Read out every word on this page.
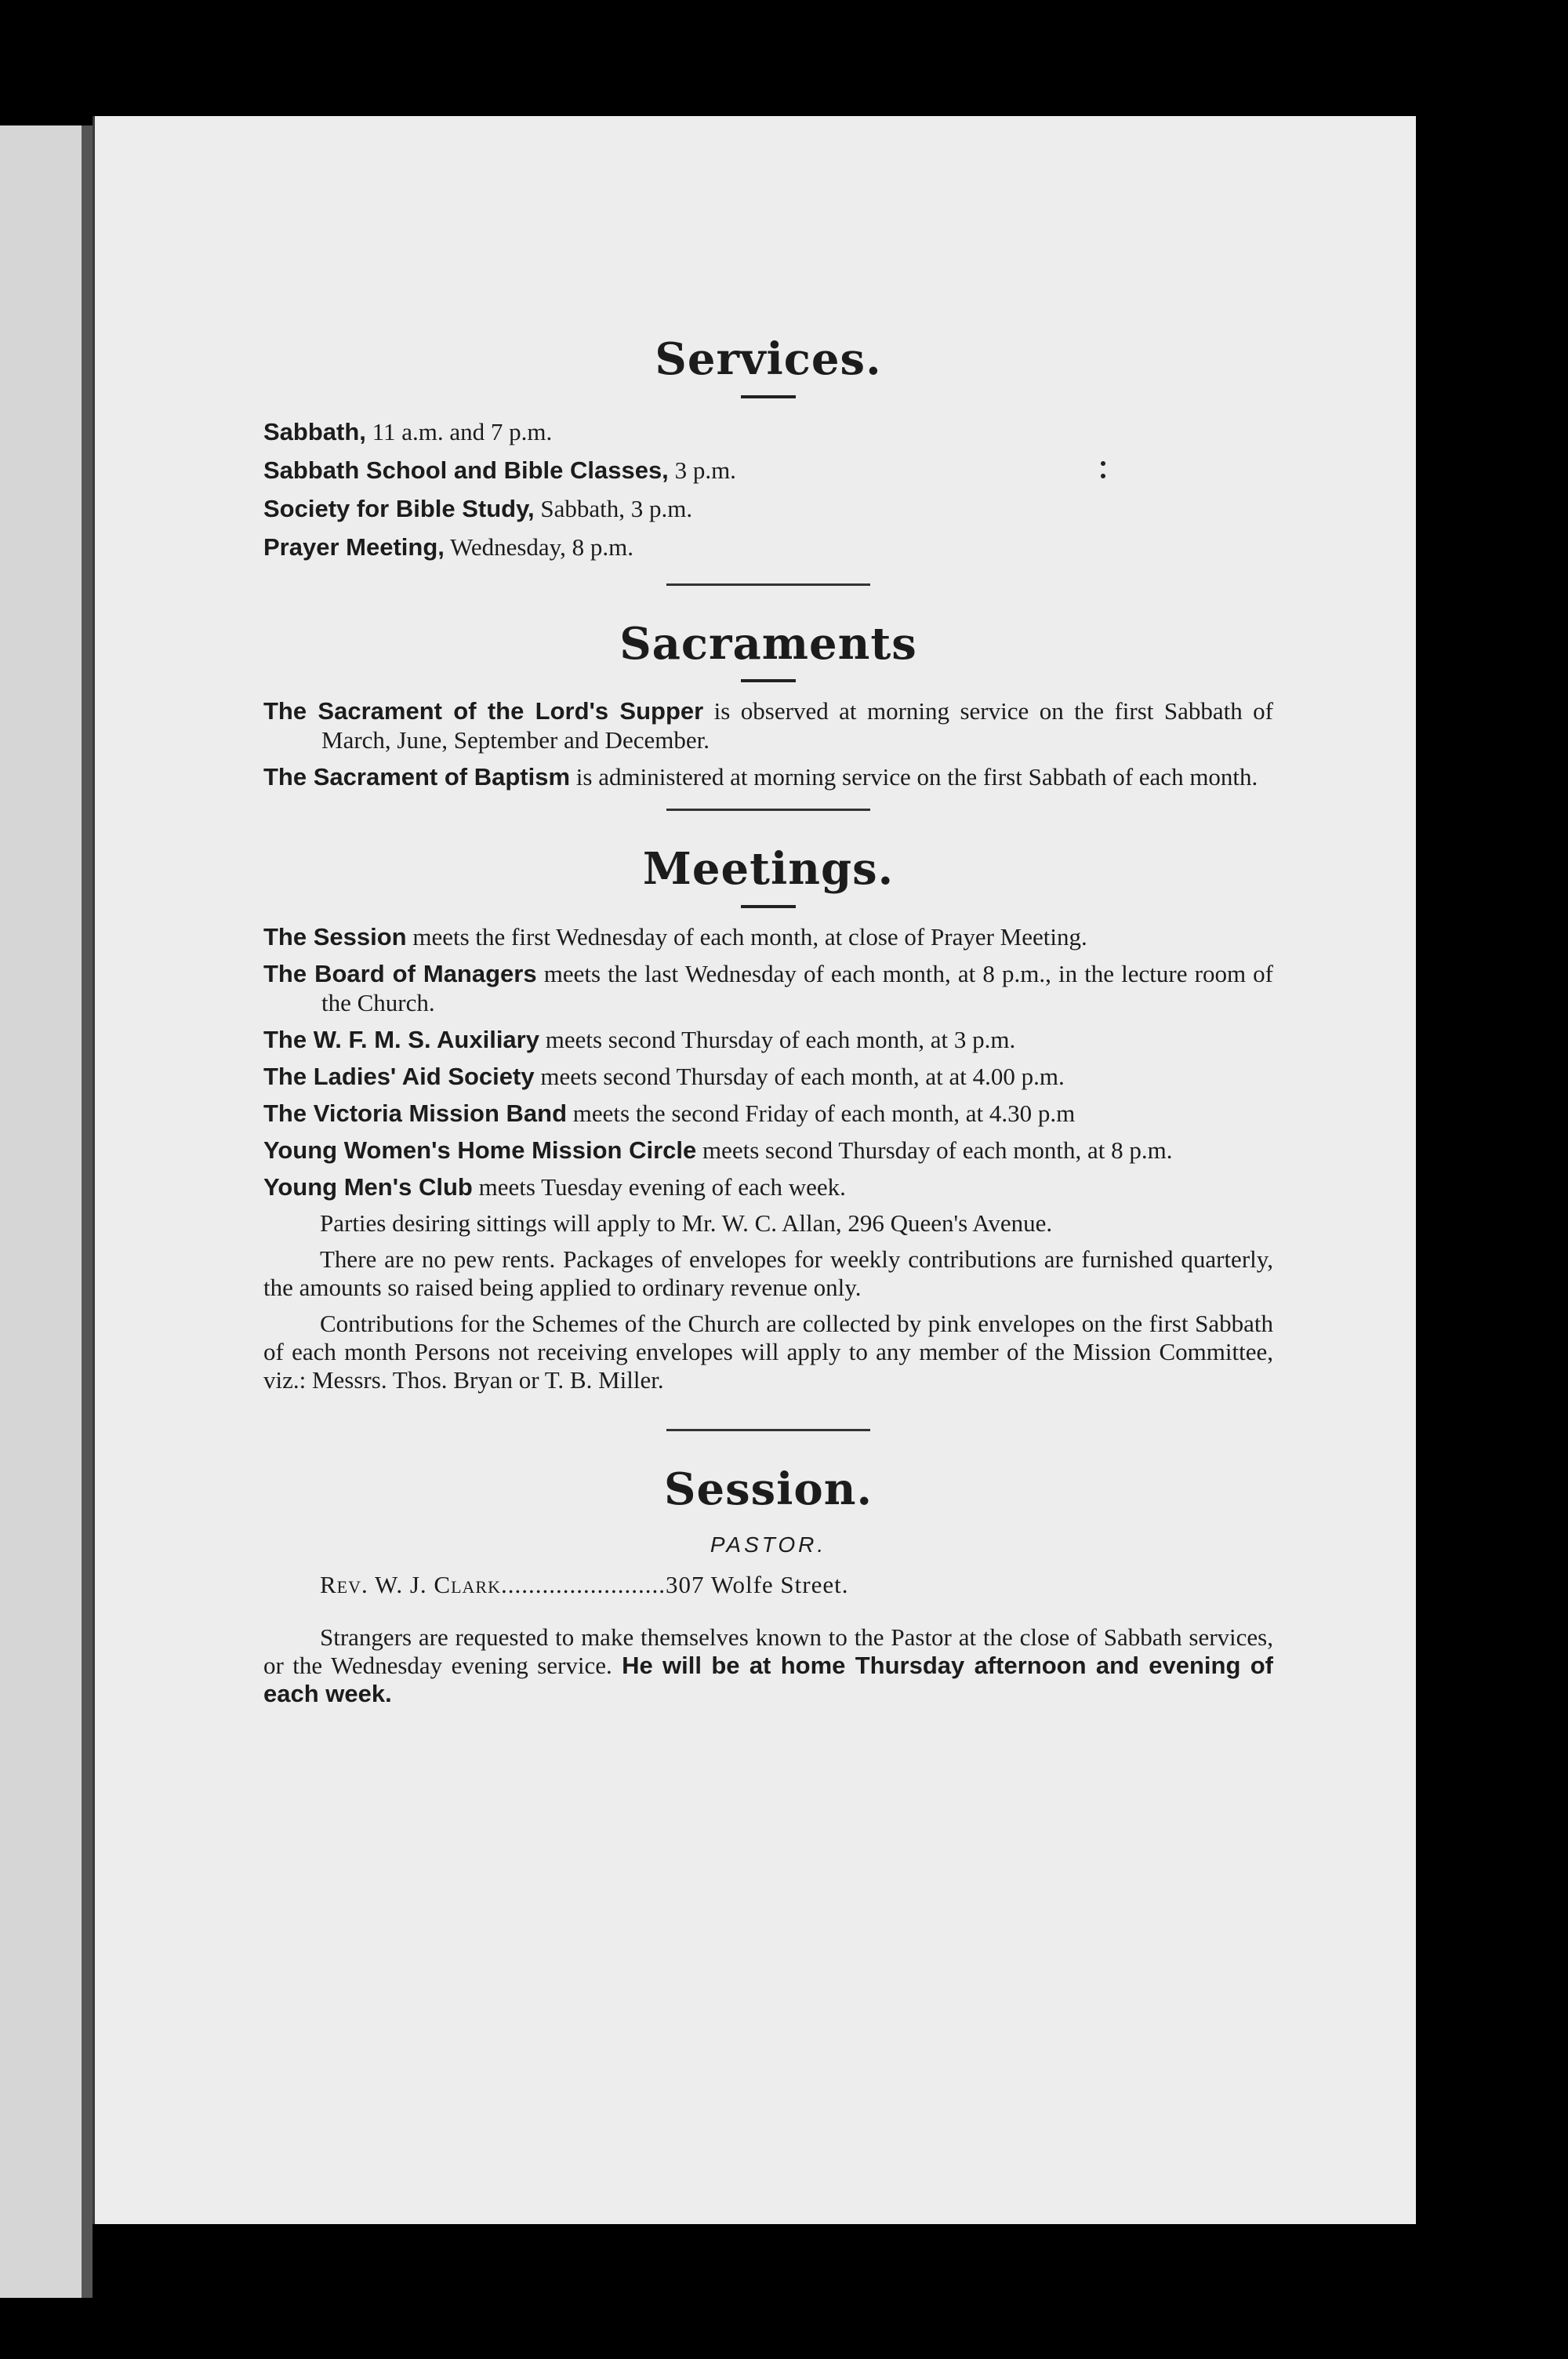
Services.

Sabbath, 11 a.m. and 7 p.m.

Sabbath School and Bible Classes, 3 p.m.

Society for Bible Study, Sabbath, 3 p.m.

Prayer Meeting, Wednesday, 8 p.m.

Sacraments

The Sacrament of the Lord's Supper is observed at morning service on the first Sabbath of March, June, September and December.

The Sacrament of Baptism is administered at morning service on the first Sabbath of each month.

Meetings.

The Session meets the first Wednesday of each month, at close of Prayer Meeting.

The Board of Managers meets the last Wednesday of each month, at 8 p.m., in the lecture room of the Church.

The W. F. M. S. Auxiliary meets second Thursday of each month, at 3 p.m.

The Ladies' Aid Society meets second Thursday of each month, at at 4.00 p.m.

The Victoria Mission Band meets the second Friday of each month, at 4.30 p.m

Young Women's Home Mission Circle meets second Thursday of each month, at 8 p.m.

Young Men's Club meets Tuesday evening of each week.

Parties desiring sittings will apply to Mr. W. C. Allan, 296 Queen's Avenue.

There are no pew rents. Packages of envelopes for weekly contributions are furnished quarterly, the amounts so raised being applied to ordinary revenue only.

Contributions for the Schemes of the Church are collected by pink envelopes on the first Sabbath of each month Persons not receiving envelopes will apply to any member of the Mission Committee, viz.: Messrs. Thos. Bryan or T. B. Miller.

Session.
PASTOR.

Rev. W. J. Clark........................307 Wolfe Street.

Strangers are requested to make themselves known to the Pastor at the close of Sabbath services, or the Wednesday evening service. He will be at home Thursday afternoon and evening of each week.
